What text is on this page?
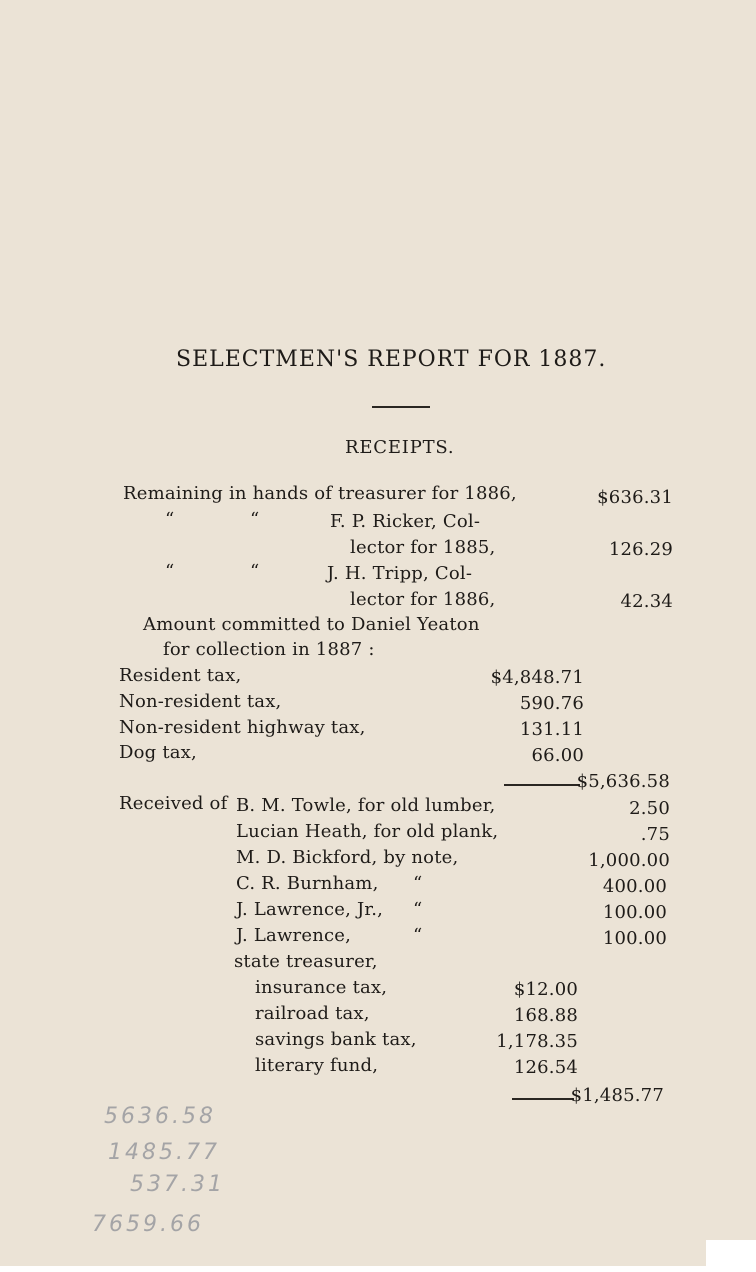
SELECTMEN'S REPORT FOR 1887.
RECEIPTS.
Remaining in hands of treasurer for 1886,	$636.31
“	“	F. P. Ricker, Col-
lector for 1885,	126.29
“	“	J. H. Tripp, Col-
lector for 1886,	42.34
Amount committed to Daniel Yeaton
for collection in 1887 :
Resident tax,	$4,848.71
Non-resident tax,	590.76
Non-resident highway tax,	131.11
Dog tax,	66.00
$5,636.58
Received of B. M. Towle, for old lumber,	2.50
Lucian Heath, for old plank,	.75
M. D. Bickford, by note,	1,000.00
C. R. Burnham, “	400.00
J. Lawrence, Jr., “	100.00
J. Lawrence,	“	100.00
state treasurer,
insurance tax,	$12.00
railroad tax,	168.88
savings bank tax,	1,178.35
literary fund,	126.54
$1,485.77
5636.58
1485.77
537.31
7659.66
